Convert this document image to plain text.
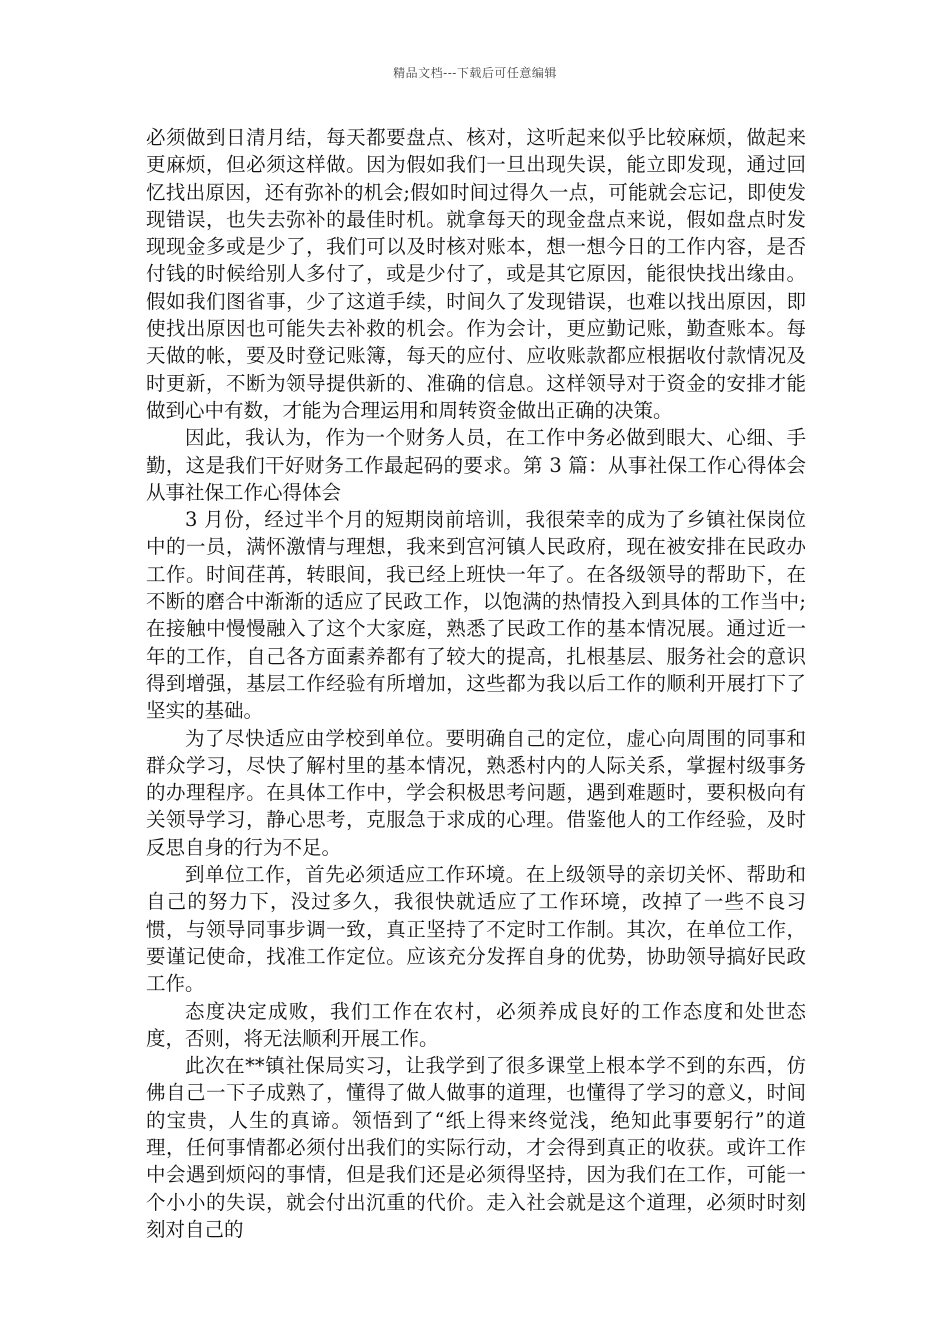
精品文档---下载后可任意编辑

必须做到日清月结，每天都要盘点、核对，这听起来似乎比较麻烦，做起来更麻烦，但必须这样做。因为假如我们一旦出现失误，能立即发现，通过回忆找出原因，还有弥补的机会;假如时间过得久一点，可能就会忘记，即使发现错误，也失去弥补的最佳时机。就拿每天的现金盘点来说，假如盘点时发现现金多或是少了，我们可以及时核对账本，想一想今日的工作内容，是否付钱的时候给别人多付了，或是少付了，或是其它原因，能很快找出缘由。假如我们图省事，少了这道手续，时间久了发现错误，也难以找出原因，即使找出原因也可能失去补救的机会。作为会计，更应勤记账，勤查账本。每天做的帐，要及时登记账簿，每天的应付、应收账款都应根据收付款情况及时更新，不断为领导提供新的、准确的信息。这样领导对于资金的安排才能做到心中有数，才能为合理运用和周转资金做出正确的决策。

因此，我认为，作为一个财务人员，在工作中务必做到眼大、心细、手勤，这是我们干好财务工作最起码的要求。第 3 篇：从事社保工作心得体会从事社保工作心得体会

3 月份，经过半个月的短期岗前培训，我很荣幸的成为了乡镇社保岗位中的一员，满怀激情与理想，我来到宫河镇人民政府，现在被安排在民政办工作。时间荏苒，转眼间，我已经上班快一年了。在各级领导的帮助下，在不断的磨合中渐渐的适应了民政工作，以饱满的热情投入到具体的工作当中;在接触中慢慢融入了这个大家庭，熟悉了民政工作的基本情况展。通过近一年的工作，自己各方面素养都有了较大的提高，扎根基层、服务社会的意识得到增强，基层工作经验有所增加，这些都为我以后工作的顺利开展打下了坚实的基础。

为了尽快适应由学校到单位。要明确自己的定位，虚心向周围的同事和群众学习，尽快了解村里的基本情况，熟悉村内的人际关系，掌握村级事务的办理程序。在具体工作中，学会积极思考问题，遇到难题时，要积极向有关领导学习，静心思考，克服急于求成的心理。借鉴他人的工作经验，及时反思自身的行为不足。

到单位工作，首先必须适应工作环境。在上级领导的亲切关怀、帮助和自己的努力下，没过多久，我很快就适应了工作环境，改掉了一些不良习惯，与领导同事步调一致，真正坚持了不定时工作制。其次，在单位工作，要谨记使命，找准工作定位。应该充分发挥自身的优势，协助领导搞好民政工作。

态度决定成败，我们工作在农村，必须养成良好的工作态度和处世态度，否则，将无法顺利开展工作。

此次在**镇社保局实习，让我学到了很多课堂上根本学不到的东西，仿佛自己一下子成熟了，懂得了做人做事的道理，也懂得了学习的意义，时间的宝贵，人生的真谛。领悟到了“纸上得来终觉浅，绝知此事要躬行”的道理，任何事情都必须付出我们的实际行动，才会得到真正的收获。或许工作中会遇到烦闷的事情，但是我们还是必须得坚持，因为我们在工作，可能一个小小的失误，就会付出沉重的代价。走入社会就是这个道理，必须时时刻刻对自己的
